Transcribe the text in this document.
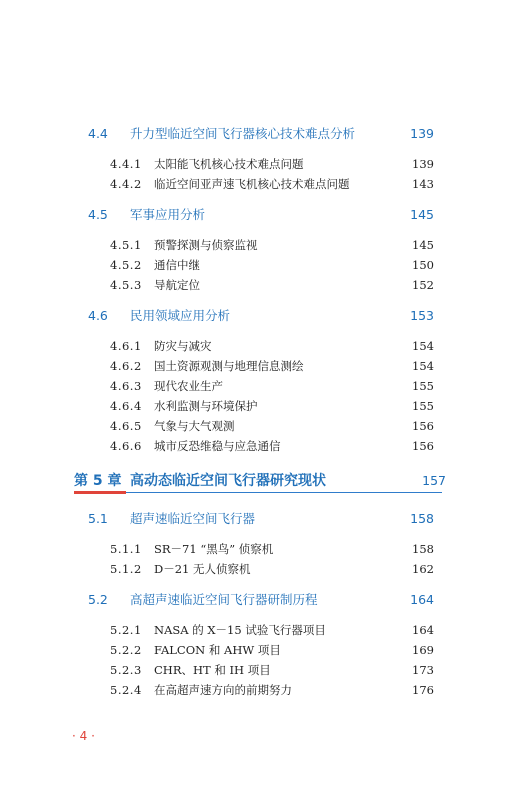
4.4 升力型临近空间飞行器核心技术难点分析	139
4.4.1 太阳能飞机核心技术难点问题	139
4.4.2 临近空间亚声速飞机核心技术难点问题	143
4.5 军事应用分析	145
4.5.1 预警探测与侦察监视	145
4.5.2 通信中继	150
4.5.3 导航定位	152
4.6 民用领域应用分析	153
4.6.1 防灾与减灾	154
4.6.2 国土资源观测与地理信息测绘	154
4.6.3 现代农业生产	155
4.6.4 水利监测与环境保护	155
4.6.5 气象与大气观测	156
4.6.6 城市反恐维稳与应急通信	156
第 5 章 高动态临近空间飞行器研究现状	157
5.1 超声速临近空间飞行器	158
5.1.1 SR－71 “黑鸟” 侦察机	158
5.1.2 D－21 无人侦察机	162
5.2 高超声速临近空间飞行器研制历程	164
5.2.1 NASA 的 X－15 试验飞行器项目	164
5.2.2 FALCON 和 AHW 项目	169
5.2.3 CHR、HT 和 IH 项目	173
5.2.4 在高超声速方向的前期努力	176
· 4 ·
